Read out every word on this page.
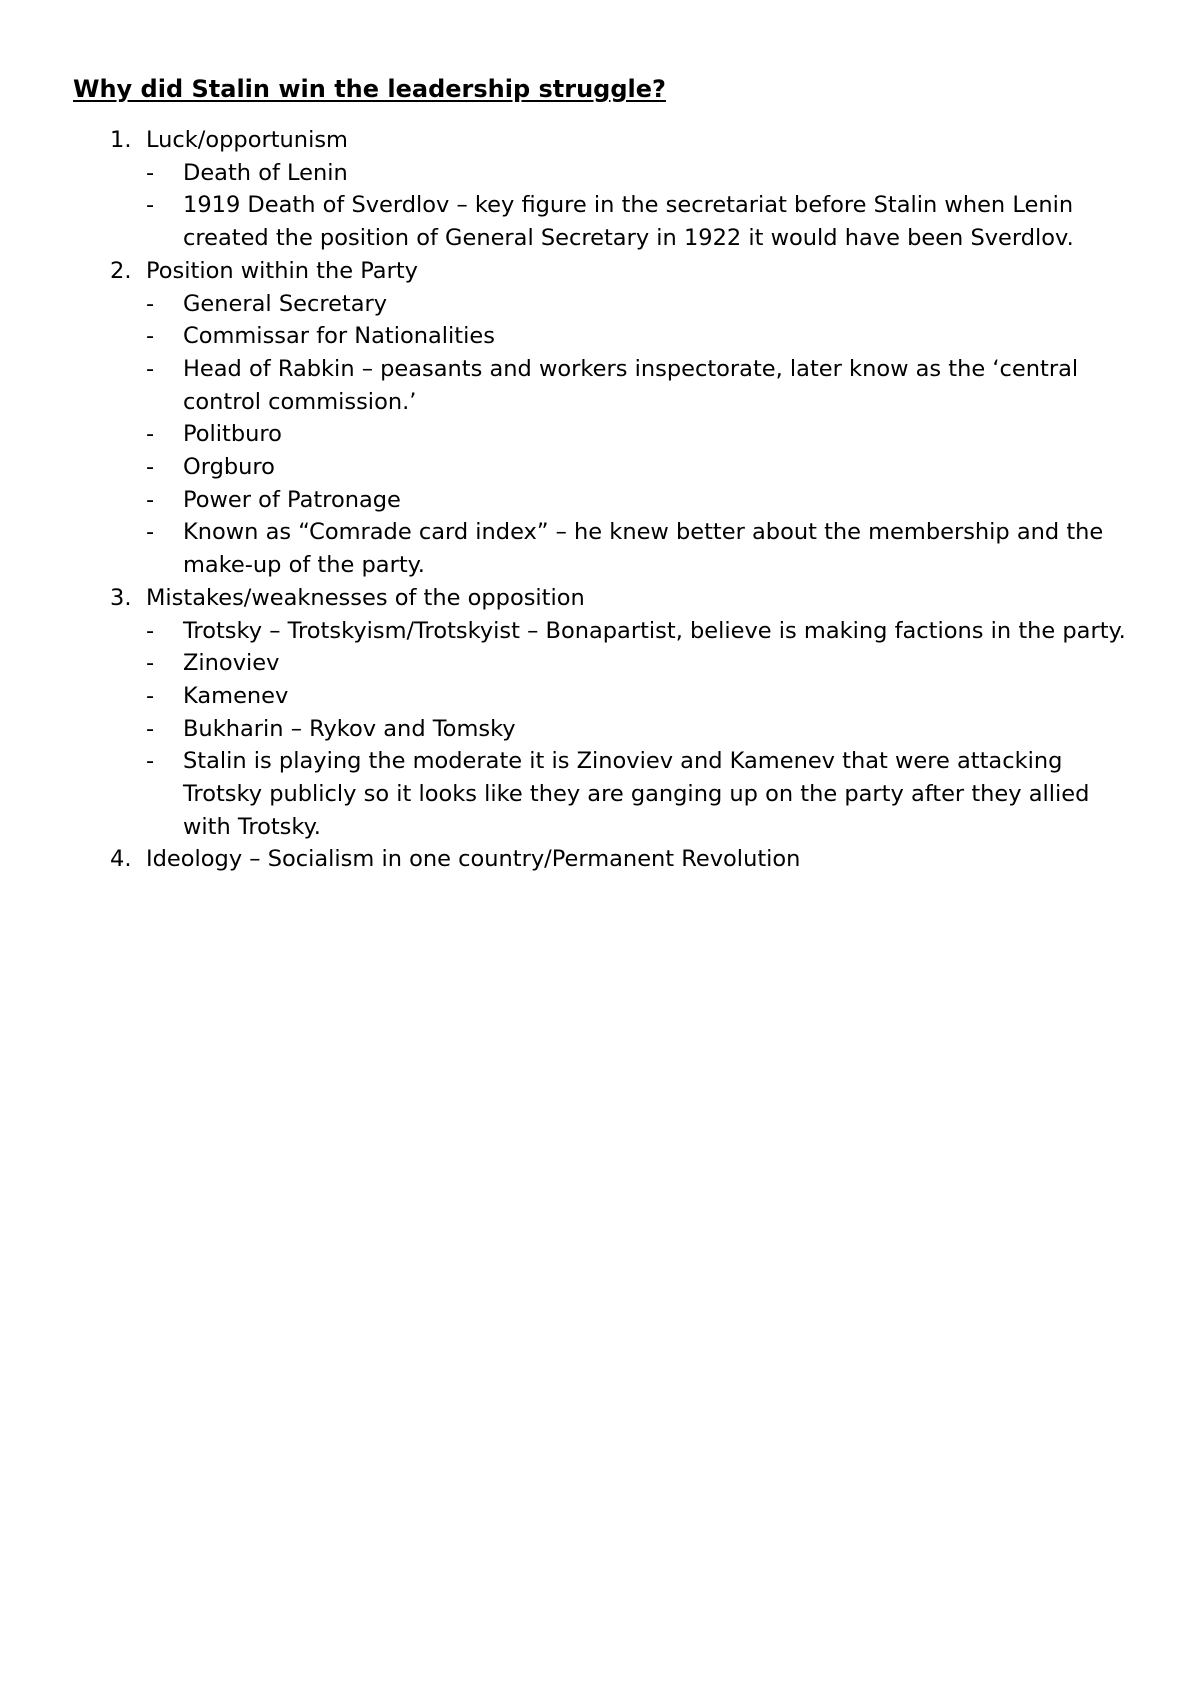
Why did Stalin win the leadership struggle?
1. Luck/opportunism
- Death of Lenin
- 1919 Death of Sverdlov – key figure in the secretariat before Stalin when Lenin created the position of General Secretary in 1922 it would have been Sverdlov.
2. Position within the Party
- General Secretary
- Commissar for Nationalities
- Head of Rabkin – peasants and workers inspectorate, later know as the ‘central control commission.’
- Politburo
- Orgburo
- Power of Patronage
- Known as “Comrade card index” – he knew better about the membership and the make-up of the party.
3. Mistakes/weaknesses of the opposition
- Trotsky – Trotskyism/Trotskyist – Bonapartist, believe is making factions in the party.
- Zinoviev
- Kamenev
- Bukharin – Rykov and Tomsky
- Stalin is playing the moderate it is Zinoviev and Kamenev that were attacking Trotsky publicly so it looks like they are ganging up on the party after they allied with Trotsky.
4. Ideology – Socialism in one country/Permanent Revolution
